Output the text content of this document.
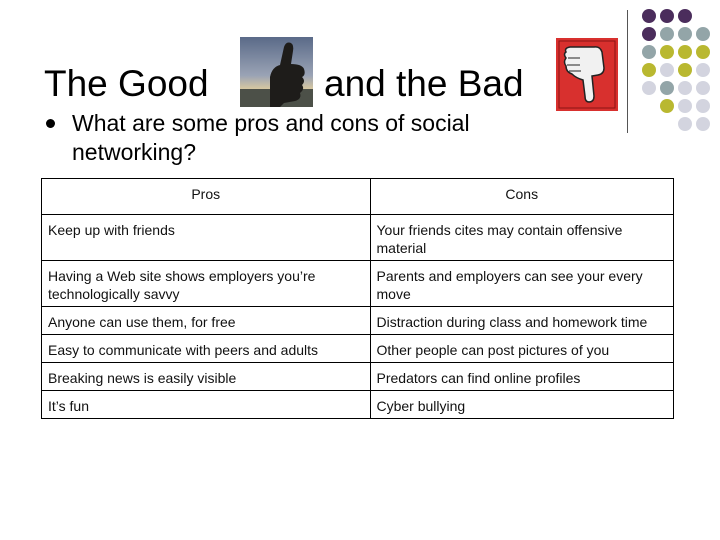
The Good	and the Bad
What are some pros and cons of social networking?
Pros	Cons
Keep up with friends	Your friends cites may contain offensive material
Having a Web site shows employers you’re technologically savvy	Parents and employers can see your every move
Anyone can use them, for free	Distraction during class and homework time
Easy to communicate with peers and adults	Other people can post pictures of you
Breaking news is easily visible	Predators can find online profiles
It’s fun	Cyber bullying
